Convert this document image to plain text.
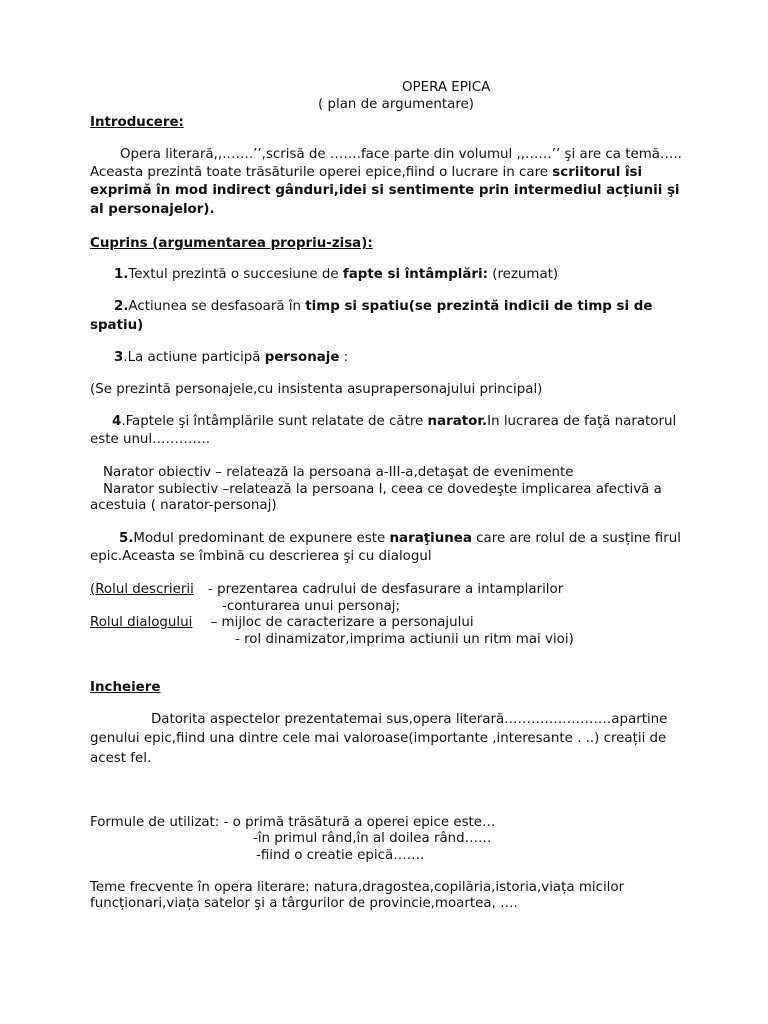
OPERA EPICA
( plan de argumentare)
Introducere:
Opera literară,,…….’’,scrisă de …….face parte din volumul ,,……’’ şi are ca temă…..
Aceasta prezintă toate trăsăturile operei epice,fiind o lucrare in care scriitorul îsi
exprimă în mod indirect gânduri,idei si sentimente prin intermediul acțiunii şi
al personajelor).
Cuprins (argumentarea propriu-zisa):
1.Textul prezintă o succesiune de fapte si întâmplări: (rezumat)
2.Actiunea se desfasoară în timp si spatiu(se prezintă indicii de timp si de
spatiu)
3.La actiune participă personaje :
(Se prezintă personajele,cu insistenta asuprapersonajului principal)
4.Faptele şi întâmplările sunt relatate de către narator.In lucrarea de faţă naratorul
este unul………….
Narator obiectiv – relatează la persoana a-III-a,detaşat de evenimente
Narator subiectiv –relatează la persoana I, ceea ce dovedeşte implicarea afectivă a
acestuia ( narator-personaj)
5.Modul predominant de expunere este naraţiunea care are rolul de a susține firul
epic.Aceasta se îmbină cu descrierea şi cu dialogul
(Rolul descrierii - prezentarea cadrului de desfasurare a intamplarilor
-conturarea unui personaj;
Rolul dialogului – mijloc de caracterizare a personajului
- rol dinamizator,imprima actiunii un ritm mai vioi)
Incheiere
Datorita aspectelor prezentatemai sus,opera literară……………………apartine
genului epic,fiind una dintre cele mai valoroase(importante ,interesante . ..) creații de
acest fel.
Formule de utilizat: - o primă trăsătură a operei epice este…
-în primul rând,în al doilea rând……
-fiind o creatie epică…….
Teme frecvente în opera literare: natura,dragostea,copilăria,istoria,viața micilor
funcționari,viața satelor şi a târgurilor de provincie,moartea, ….
